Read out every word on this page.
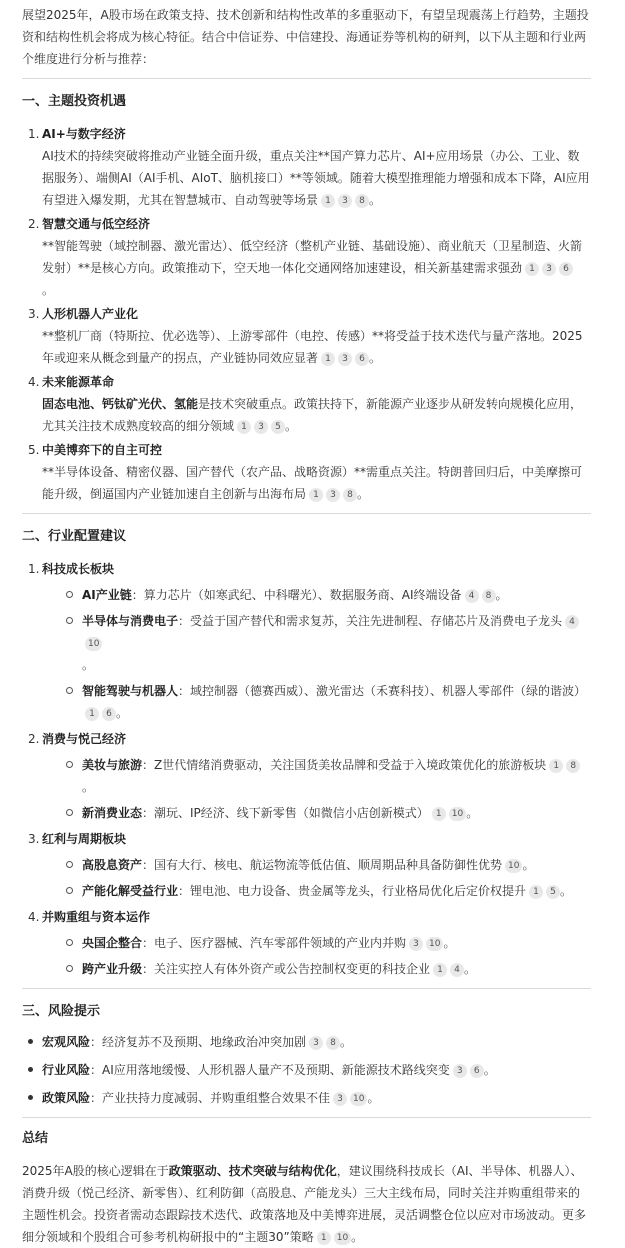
展望2025年，A股市场在政策支持、技术创新和结构性改革的多重驱动下，有望呈现震荡上行趋势，主题投资和结构性机会将成为核心特征。结合中信证券、中信建投、海通证券等机构的研判，以下从主题和行业两个维度进行分析与推荐：

一、主题投资机遇
1. AI+与数字经济
AI技术的持续突破将推动产业链全面升级，重点关注**国产算力芯片、AI+应用场景（办公、工业、数据服务）、端侧AI（AI手机、AIoT、脑机接口）**等领域。随着大模型推理能力增强和成本下降，AI应用有望进入爆发期，尤其在智慧城市、自动驾驶等场景 1 3 8 。
2. 智慧交通与低空经济
**智能驾驶（域控制器、激光雷达）、低空经济（整机产业链、基础设施）、商业航天（卫星制造、火箭发射）**是核心方向。政策推动下，空天地一体化交通网络加速建设，相关新基建需求强劲 1 3 6
。
3. 人形机器人产业化
**整机厂商（特斯拉、优必选等）、上游零部件（电控、传感）**将受益于技术迭代与量产落地。2025年或迎来从概念到量产的拐点，产业链协同效应显著 1 3 6 。
4. 未来能源革命
固态电池、钙钛矿光伏、氢能是技术突破重点。政策扶持下，新能源产业逐步从研发转向规模化应用，尤其关注技术成熟度较高的细分领域 1 3 5 。
5. 中美博弈下的自主可控
**半导体设备、精密仪器、国产替代（农产品、战略资源）**需重点关注。特朗普回归后，中美摩擦可能升级，倒逼国内产业链加速自主创新与出海布局 1 3 8 。
二、行业配置建议
1. 科技成长板块
AI产业链：算力芯片（如寒武纪、中科曙光）、数据服务商、AI终端设备 4 8 。
半导体与消费电子：受益于国产替代和需求复苏，关注先进制程、存储芯片及消费电子龙头 410
。
智能驾驶与机器人：域控制器（德赛西威）、激光雷达（禾赛科技）、机器人零部件（绿的谐波）
1 6 。
2. 消费与悦己经济
美妆与旅游：Z世代情绪消费驱动，关注国货美妆品牌和受益于入境政策优化的旅游板块 1 8。
新消费业态：潮玩、IP经济、线下新零售（如微信小店创新模式） 1 10 。
3. 红利与周期板块
高股息资产：国有大行、核电、航运物流等低估值、顺周期品种具备防御性优势 10 。
产能化解受益行业：锂电池、电力设备、贵金属等龙头，行业格局优化后定价权提升 1 5 。
4. 并购重组与资本运作
央国企整合：电子、医疗器械、汽车零部件领域的产业内并购 3 10 。
跨产业升级：关注实控人有体外资产或公告控制权变更的科技企业 1 4 。
三、风险提示
宏观风险：经济复苏不及预期、地缘政治冲突加剧 3 8 。
行业风险：AI应用落地缓慢、人形机器人量产不及预期、新能源技术路线突变 3 6 。
政策风险：产业扶持力度减弱、并购重组整合效果不佳 3 10 。
总结

2025年A股的核心逻辑在于政策驱动、技术突破与结构优化，建议围绕科技成长（AI、半导体、机器人）、消费升级（悦己经济、新零售）、红利防御（高股息、产能龙头）三大主线布局，同时关注并购重组带来的主题性机会。投资者需动态跟踪技术迭代、政策落地及中美博弈进展，灵活调整仓位以应对市场波动。更多细分领域和个股组合可参考机构研报中的“主题30”策略 1 10 。
